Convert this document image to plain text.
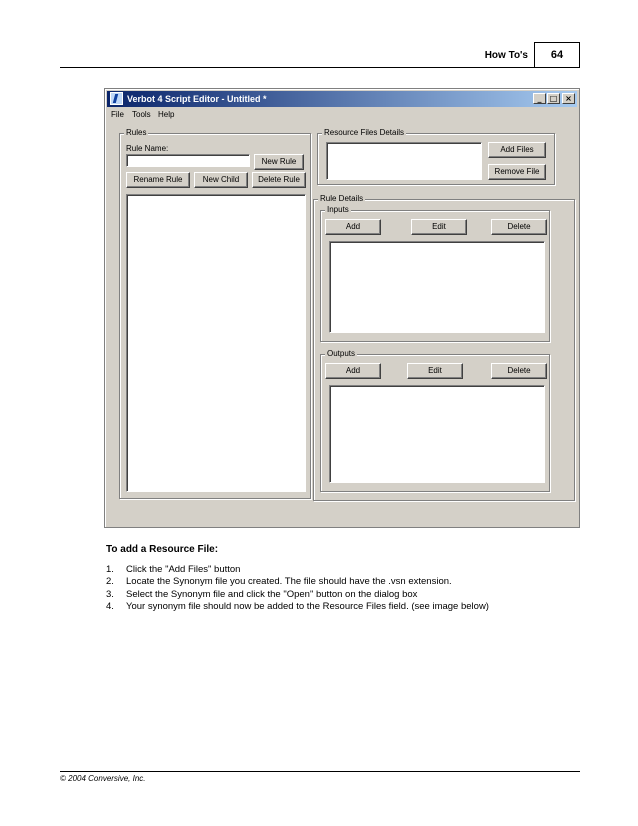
How To's	64
Verbot 4 Script Editor - Untitled *	_	□ ×
File Tools Help
Rules
Rule Name:
New Rule
Rename Rule	New Child	Delete Rule
Resource Files Details
Add Files
Remove File
Rule Details
Inputs
Add	Edit	Delete
Outputs
Add	Edit	Delete
To add a Resource File:
1. Click the "Add Files" button
2. Locate the Synonym file you created. The file should have the .vsn extension.
3. Select the Synonym file and click the "Open" button on the dialog box
4. Your synonym file should now be added to the Resource Files field. (see image below)
© 2004 Conversive, Inc.
